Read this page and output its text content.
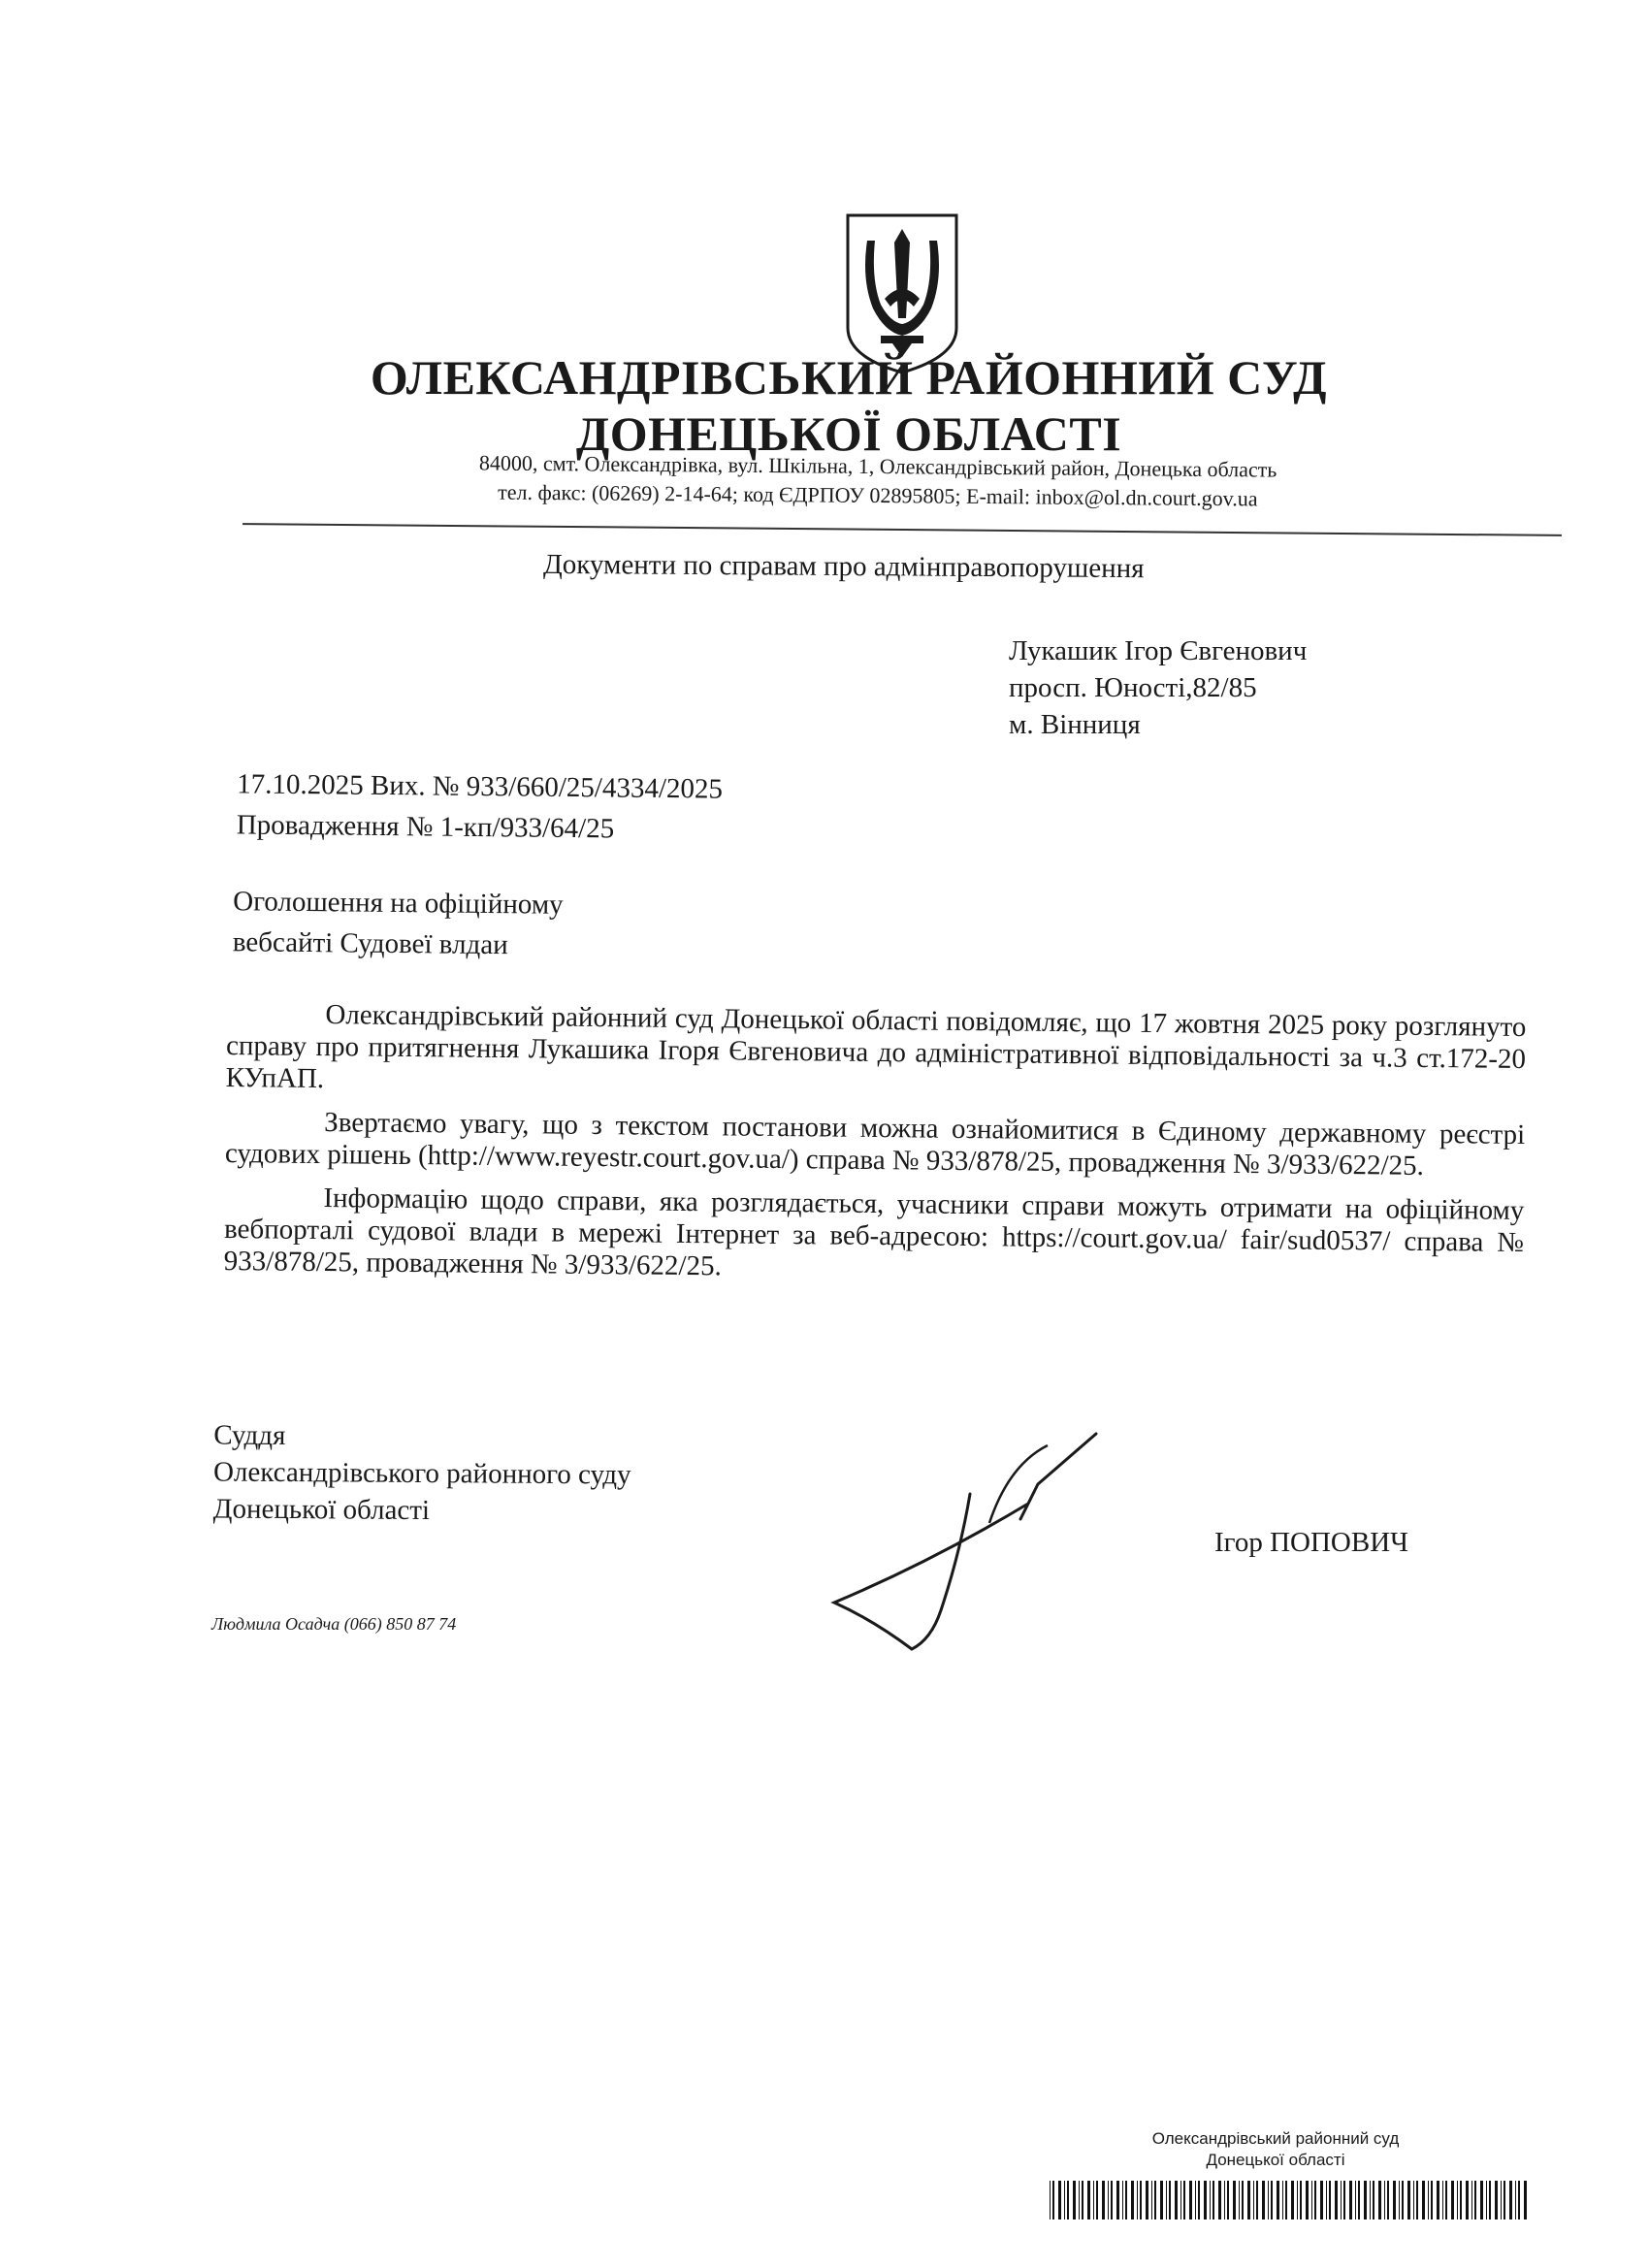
ОЛЕКСАНДРІВСЬКИЙ РАЙОННИЙ СУД
ДОНЕЦЬКОЇ ОБЛАСТІ
84000, смт. Олександрівка, вул. Шкільна, 1, Олександрівський район, Донецька область
тел. факс: (06269) 2-14-64; код ЄДРПОУ 02895805; E-mail: inbox@ol.dn.court.gov.ua
Документи по справам про адмінправопорушення
Лукашик Ігор Євгенович
просп. Юності,82/85
м. Вінниця
17.10.2025 Вих. № 933/660/25/4334/2025
Провадження № 1-кп/933/64/25
Оголошення на офіційному
вебсайті Судовеї влдаи

Олександрівський районний суд Донецької області повідомляє, що 17 жовтня 2025 року розглянуто справу про притягнення Лукашика Ігоря Євгеновича до адміністративної відповідальності за ч.3 ст.172-20 КУпАП.

Звертаємо увагу, що з текстом постанови можна ознайомитися в Єдиному державному реєстрі судових рішень (http://www.reyestr.court.gov.ua/) справа № 933/878/25, провадження № 3/933/622/25.

Інформацію щодо справи, яка розглядається, учасники справи можуть отримати на офіційному вебпорталі судової влади в мережі Інтернет за веб-адресою: https://court.gov.ua/ fair/sud0537/ справа № 933/878/25, провадження № 3/933/622/25.

Суддя
Олександрівського районного суду
Донецької області
Ігор ПОПОВИЧ
Людмила Осадча (066) 850 87 74
Олександрівський районний суд
Донецької області
